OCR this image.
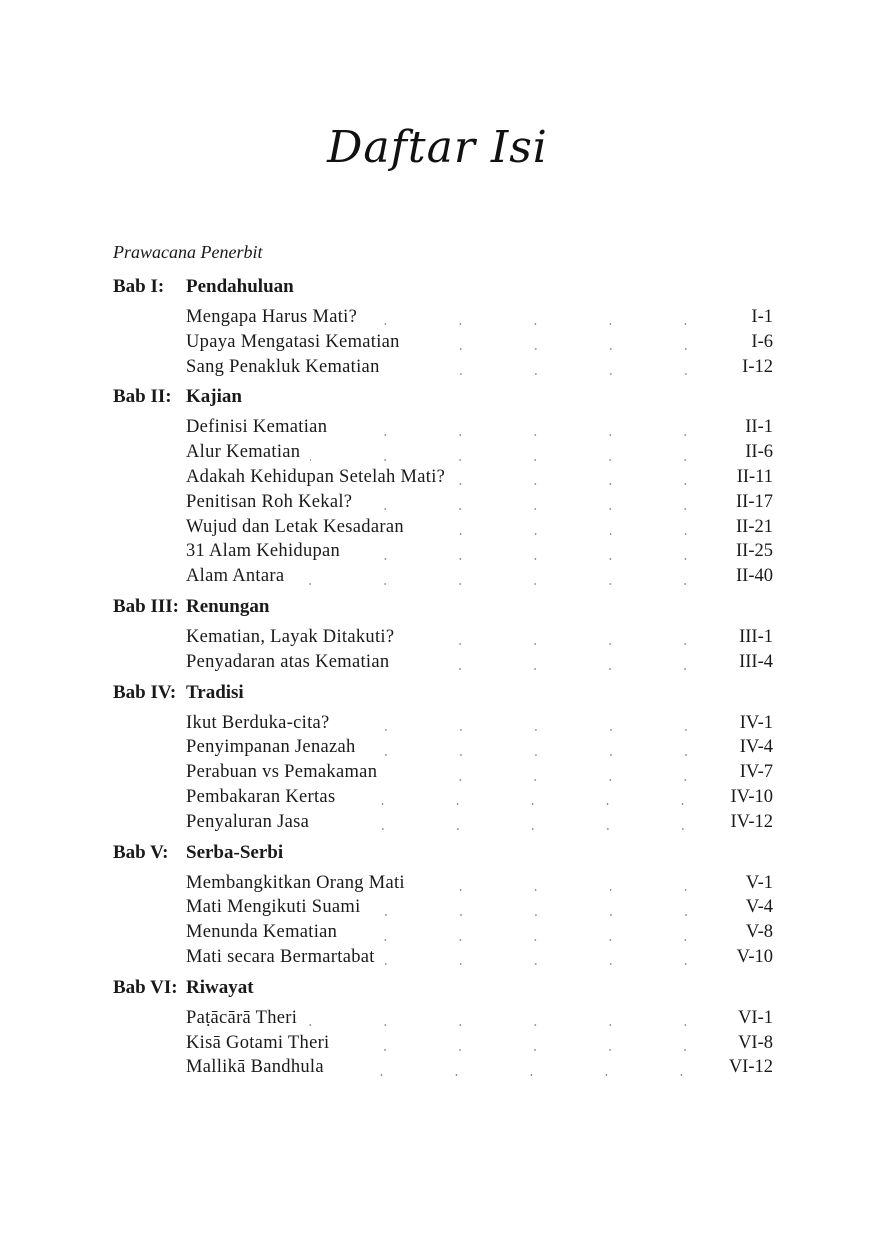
Daftar Isi
Prawacana Penerbit
Bab I:	Pendahuluan
Mengapa Harus Mati?	I-1
Upaya Mengatasi Kematian	I-6
Sang Penakluk Kematian	I-12
Bab II: Kajian
Definisi Kematian	II-1
Alur Kematian	II-6
Adakah Kehidupan Setelah Mati?	II-11
Penitisan Roh Kekal?	II-17
Wujud dan Letak Kesadaran	II-21
31 Alam Kehidupan	II-25
Alam Antara	II-40
Bab III: Renungan
Kematian, Layak Ditakuti?	III-1
Penyadaran atas Kematian	III-4
Bab IV: Tradisi
Ikut Berduka-cita?	IV-1
Penyimpanan Jenazah	IV-4
Perabuan vs Pemakaman	IV-7
Pembakaran Kertas	IV-10
Penyaluran Jasa	IV-12
Bab V: Serba-Serbi
Membangkitkan Orang Mati	V-1
Mati Mengikuti Suami	V-4
Menunda Kematian	V-8
Mati secara Bermartabat	V-10
Bab VI: Riwayat
Paṭācārā Theri	VI-1
Kisā Gotami Theri	VI-8
Mallikā Bandhula	VI-12
